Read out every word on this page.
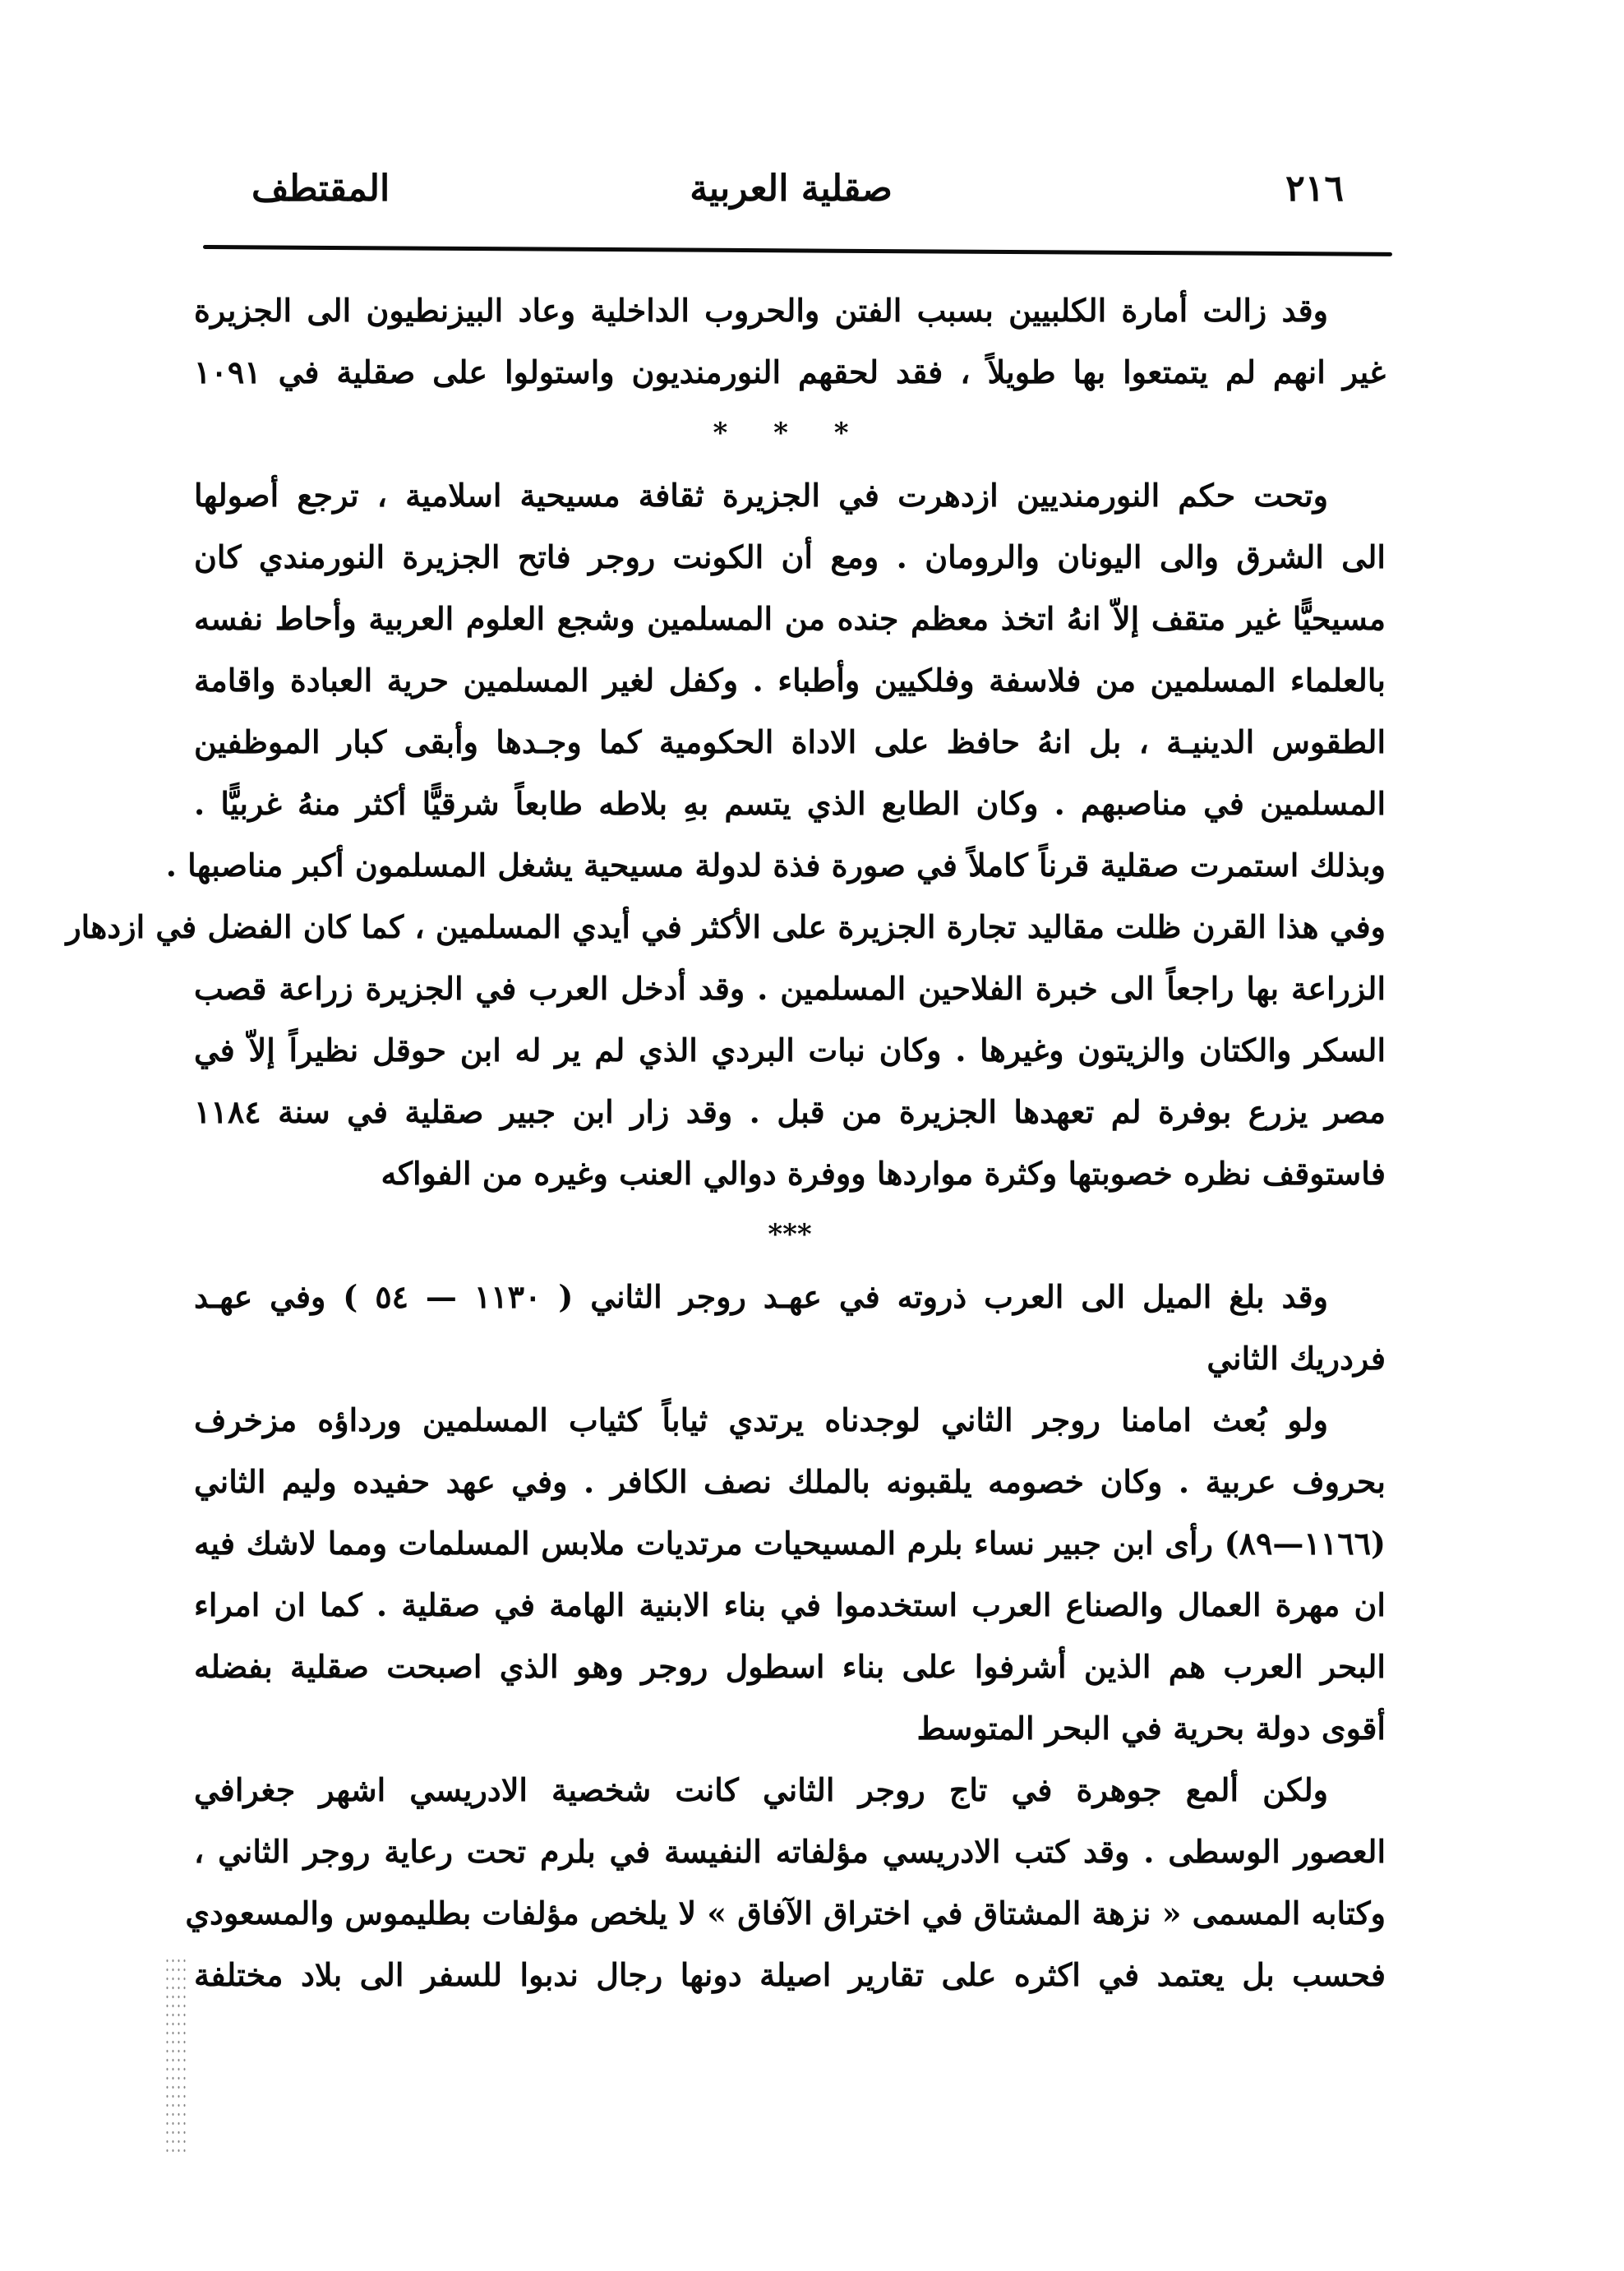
المقتطف	صقلية العربية	٢١٦
وقد زالت أمارة الكلبيين بسبب الفتن والحروب الداخلية وعاد البيزنطيون الى الجزيرة
غير انهم لم يتمتعوا بها طويلاً ، فقد لحقهم النورمنديون واستولوا على صقلية في ١٠٩١
* * *
وتحت حكم النورمنديين ازدهرت في الجزيرة ثقافة مسيحية اسلامية ، ترجع أصولها
الى الشرق والى اليونان والرومان . ومع أن الكونت روجر فاتح الجزيرة النورمندي كان
مسيحيًّا غير متقف إلاّ انهُ اتخذ معظم جنده من المسلمين وشجع العلوم العربية وأحاط نفسه
بالعلماء المسلمين من فلاسفة وفلكيين وأطباء . وكفل لغير المسلمين حرية العبادة واقامة
الطقوس الدينيـة ، بل انهُ حافظ على الاداة الحكومية كما وجـدها وأبقى كبار الموظفين
المسلمين في مناصبهم . وكان الطابع الذي يتسم بهِ بلاطه طابعاً شرقيًّا أكثر منهُ غربيًّا .
وبذلك استمرت صقلية قرناً كاملاً في صورة فذة لدولة مسيحية يشغل المسلمون أكبر مناصبها .
وفي هذا القرن ظلت مقاليد تجارة الجزيرة على الأكثر في أيدي المسلمين ، كما كان الفضل في ازدهار
الزراعة بها راجعاً الى خبرة الفلاحين المسلمين . وقد أدخل العرب في الجزيرة زراعة قصب
السكر والكتان والزيتون وغيرها . وكان نبات البردي الذي لم ير له ابن حوقل نظيراً إلاّ في
مصر يزرع بوفرة لم تعهدها الجزيرة من قبل . وقد زار ابن جبير صقلية في سنة ١١٨٤
فاستوقف نظره خصوبتها وكثرة مواردها ووفرة دوالي العنب وغيره من الفواكه
***
وقد بلغ الميل الى العرب ذروته في عهـد روجر الثاني ( ١١٣٠ — ٥٤ ) وفي عهـد
فردريك الثاني
ولو بُعث امامنا روجر الثاني لوجدناه يرتدي ثياباً كثياب المسلمين ورداؤه مزخرف
بحروف عربية . وكان خصومه يلقبونه بالملك نصف الكافر . وفي عهد حفيده وليم الثاني
(١١٦٦—٨٩) رأى ابن جبير نساء بلرم المسيحيات مرتديات ملابس المسلمات ومما لاشك فيه
ان مهرة العمال والصناع العرب استخدموا في بناء الابنية الهامة في صقلية . كما ان امراء
البحر العرب هم الذين أشرفوا على بناء اسطول روجر وهو الذي اصبحت صقلية بفضله
أقوى دولة بحرية في البحر المتوسط
ولكن ألمع جوهرة في تاج روجر الثاني كانت شخصية الادريسي اشهر جغرافي
العصور الوسطى . وقد كتب الادريسي مؤلفاته النفيسة في بلرم تحت رعاية روجر الثاني ،
وكتابه المسمى « نزهة المشتاق في اختراق الآفاق » لا يلخص مؤلفات بطليموس والمسعودي
فحسب بل يعتمد في اكثره على تقارير اصيلة دونها رجال ندبوا للسفر الى بلاد مختلفة
